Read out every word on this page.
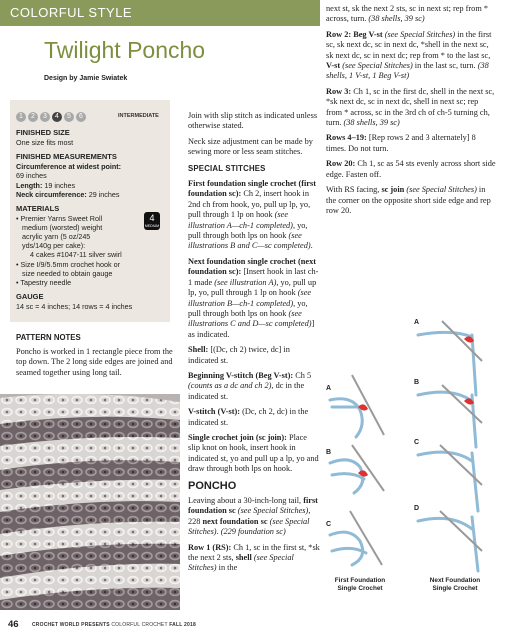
COLORFUL STYLE
Twilight Poncho
Design by Jamie Swiatek
1	2	3	4	5	6	INTERMEDIATE
FINISHED SIZE
One size fits most
FINISHED MEASUREMENTS
Circumference at widest point:
69 inches
Length: 19 inches
Neck circumference: 29 inches
MATERIALS
• Premier Yarns Sweet Roll
medium (worsted) weight
acrylic yarn (5 oz/245
yds/140g per cake):
4 cakes #1047-11 silver swirl
• Size I/9/5.5mm crochet hook or
size needed to obtain gauge
• Tapestry needle
4
MEDIUM
GAUGE
14 sc = 4 inches; 14 rows = 4 inches
PATTERN NOTES
Poncho is worked in 1 rectangle piece from the top down. The 2 long side edges are joined and seamed together using long tail.

Join with slip stitch as indicated unless otherwise stated.

Neck size adjustment can be made by sewing more or less seam stitches.

SPECIAL STITCHES

First foundation single crochet (first foundation sc): Ch 2, insert hook in 2nd ch from hook, yo, pull up lp, yo, pull through 1 lp on hook (see illustration A—ch-1 completed), yo, pull through both lps on hook (see illustrations B and C—sc completed).

Next foundation single crochet (next foundation sc): [Insert hook in last ch-1 made (see illustration A), yo, pull up lp, yo, pull through 1 lp on hook (see illustration B—ch-1 completed), yo, pull through both lps on hook (see illustrations C and D—sc completed)] as indicated.

Shell: [(Dc, ch 2) twice, dc] in indicated st.

Beginning V-stitch (Beg V-st): Ch 5 (counts as a dc and ch 2), dc in the indicated st.

V-stitch (V-st): (Dc, ch 2, dc) in the indicated st.

Single crochet join (sc join): Place slip knot on hook, insert hook in indicated st, yo and pull up a lp, yo and draw through both lps on hook.

PONCHO

Leaving about a 30-inch-long tail, first foundation sc (see Special Stitches), 228 next foundation sc (see Special Stitches). (229 foundation sc)

Row 1 (RS): Ch 1, sc in the first st, *sk the next 2 sts, shell (see Special Stitches) in the

next st, sk the next 2 sts, sc in next st; rep from * across, turn. (38 shells, 39 sc)

Row 2: Beg V-st (see Special Stitches) in the first sc, sk next dc, sc in next dc, *shell in the next sc, sk next dc, sc in next dc; rep from * to the last sc, V-st (see Special Stitches) in the last sc, turn. (38 shells, 1 V-st, 1 Beg V-st)

Row 3: Ch 1, sc in the first dc, shell in the next sc, *sk next dc, sc in next dc, shell in next sc; rep from * across, sc in the 3rd ch of ch-5 turning ch, turn. (38 shells, 39 sc)

Rows 4–19: [Rep rows 2 and 3 alternately] 8 times. Do not turn.

Row 20: Ch 1, sc as 54 sts evenly across short side edge. Fasten off.

With RS facing, sc join (see Special Stitches) in the corner on the opposite short side edge and rep row 20.

A
B
C
A
B
C
D
First Foundation
Single Crochet
Next Foundation
Single Crochet
46	CROCHET WORLD PRESENTS COLORFUL CROCHET FALL 2018
